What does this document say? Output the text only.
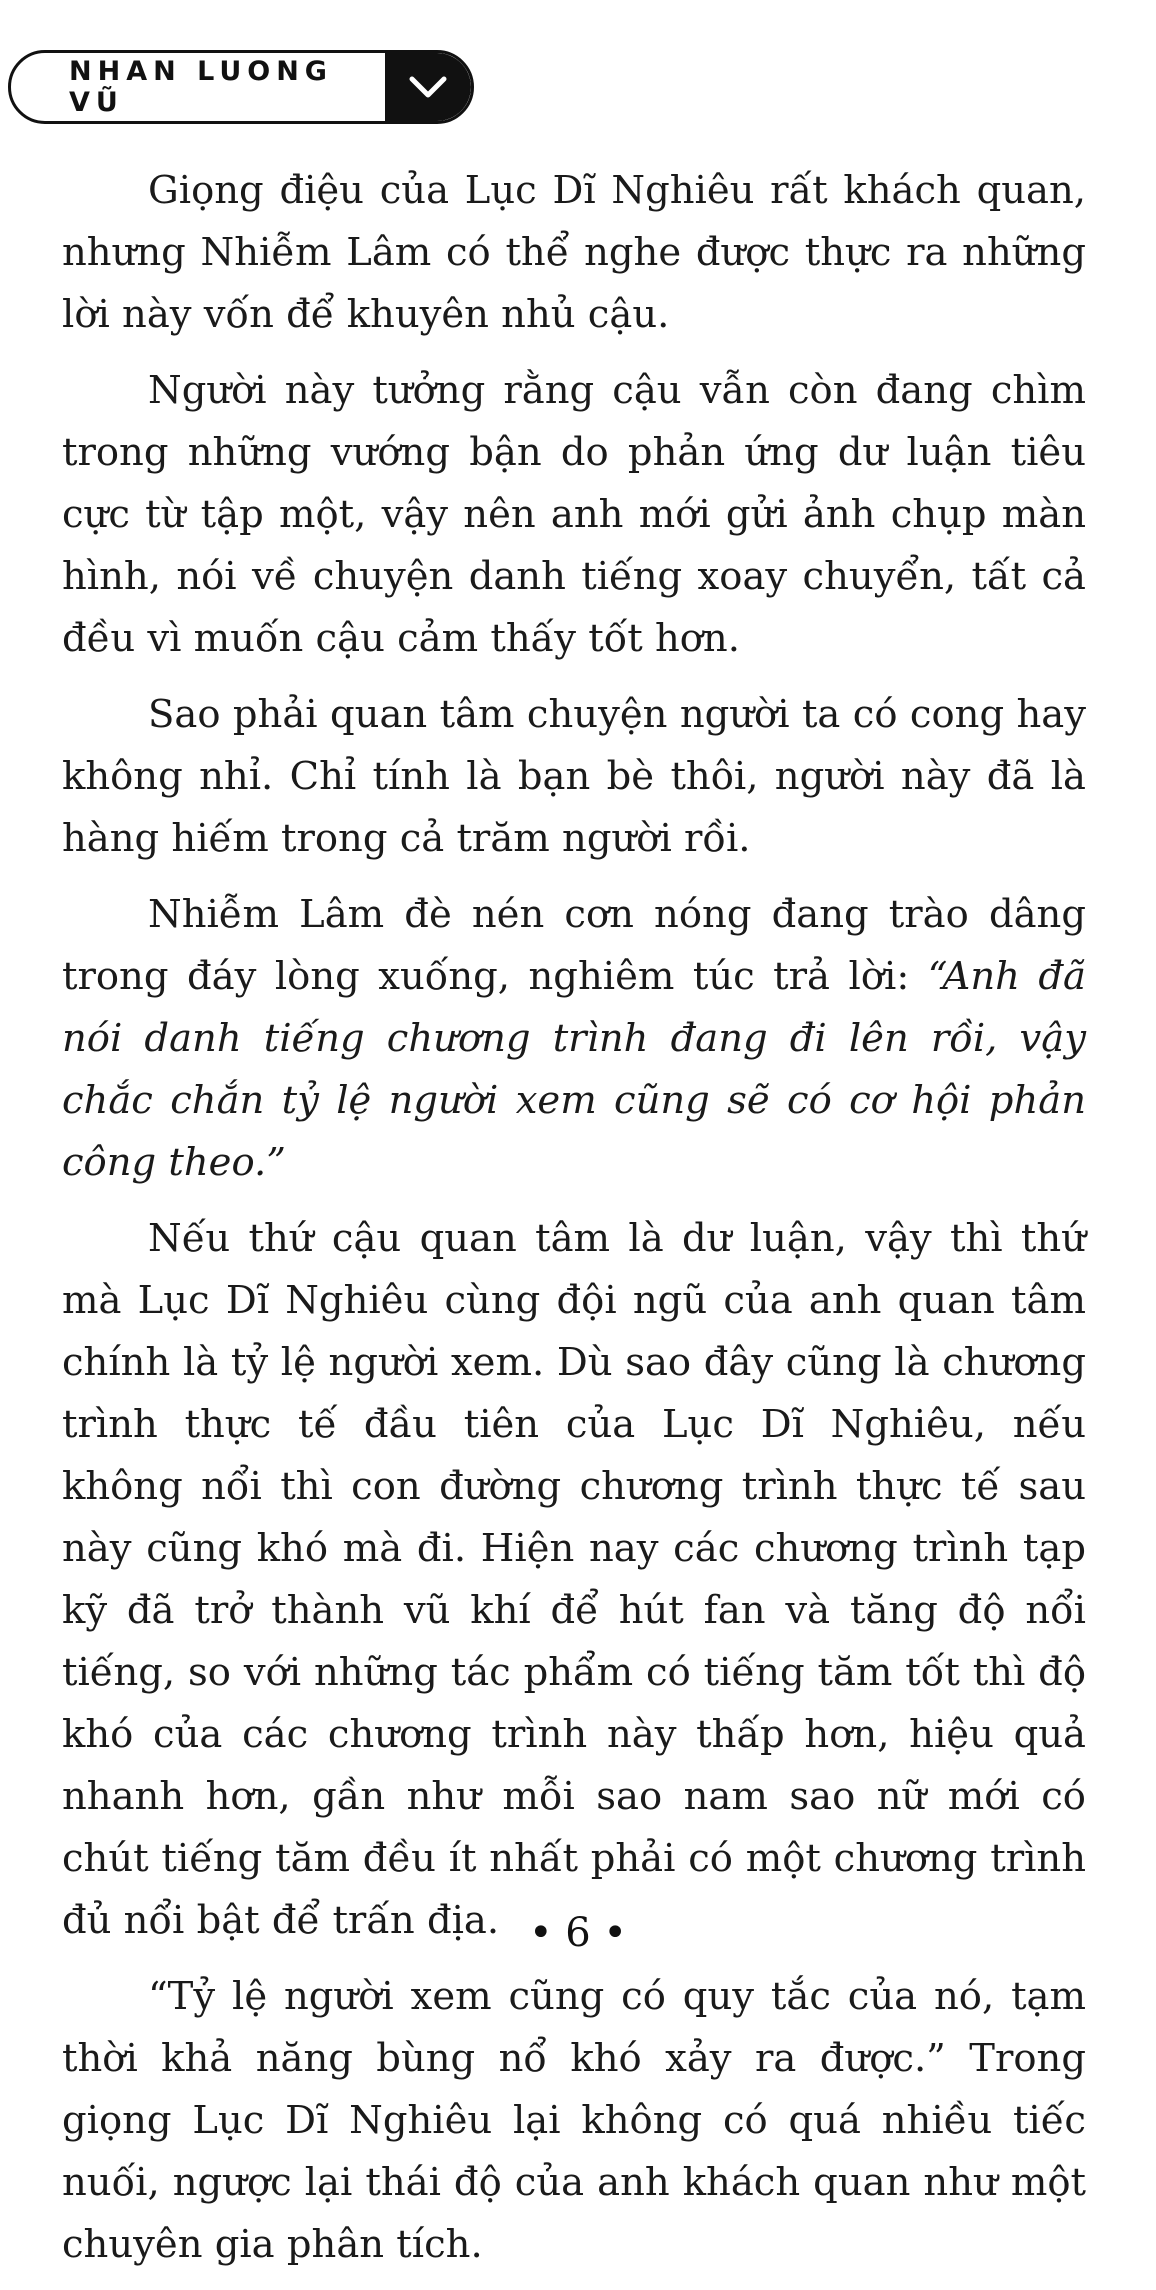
NHAN LUONG VŨ

Giọng điệu của Lục Dĩ Nghiêu rất khách quan, nhưng Nhiễm Lâm có thể nghe được thực ra những lời này vốn để khuyên nhủ cậu.

Người này tưởng rằng cậu vẫn còn đang chìm trong những vướng bận do phản ứng dư luận tiêu cực từ tập một, vậy nên anh mới gửi ảnh chụp màn hình, nói về chuyện danh tiếng xoay chuyển, tất cả đều vì muốn cậu cảm thấy tốt hơn.

Sao phải quan tâm chuyện người ta có cong hay không nhỉ. Chỉ tính là bạn bè thôi, người này đã là hàng hiếm trong cả trăm người rồi.

Nhiễm Lâm đè nén cơn nóng đang trào dâng trong đáy lòng xuống, nghiêm túc trả lời: “Anh đã nói danh tiếng chương trình đang đi lên rồi, vậy chắc chắn tỷ lệ người xem cũng sẽ có cơ hội phản công theo.”

Nếu thứ cậu quan tâm là dư luận, vậy thì thứ mà Lục Dĩ Nghiêu cùng đội ngũ của anh quan tâm chính là tỷ lệ người xem. Dù sao đây cũng là chương trình thực tế đầu tiên của Lục Dĩ Nghiêu, nếu không nổi thì con đường chương trình thực tế sau này cũng khó mà đi. Hiện nay các chương trình tạp kỹ đã trở thành vũ khí để hút fan và tăng độ nổi tiếng, so với những tác phẩm có tiếng tăm tốt thì độ khó của các chương trình này thấp hơn, hiệu quả nhanh hơn, gần như mỗi sao nam sao nữ mới có chút tiếng tăm đều ít nhất phải có một chương trình đủ nổi bật để trấn địa.

“Tỷ lệ người xem cũng có quy tắc của nó, tạm thời khả năng bùng nổ khó xảy ra được.” Trong giọng Lục Dĩ Nghiêu lại không có quá nhiều tiếc nuối, ngược lại thái độ của anh khách quan như một chuyên gia phân tích.

• 6 •
